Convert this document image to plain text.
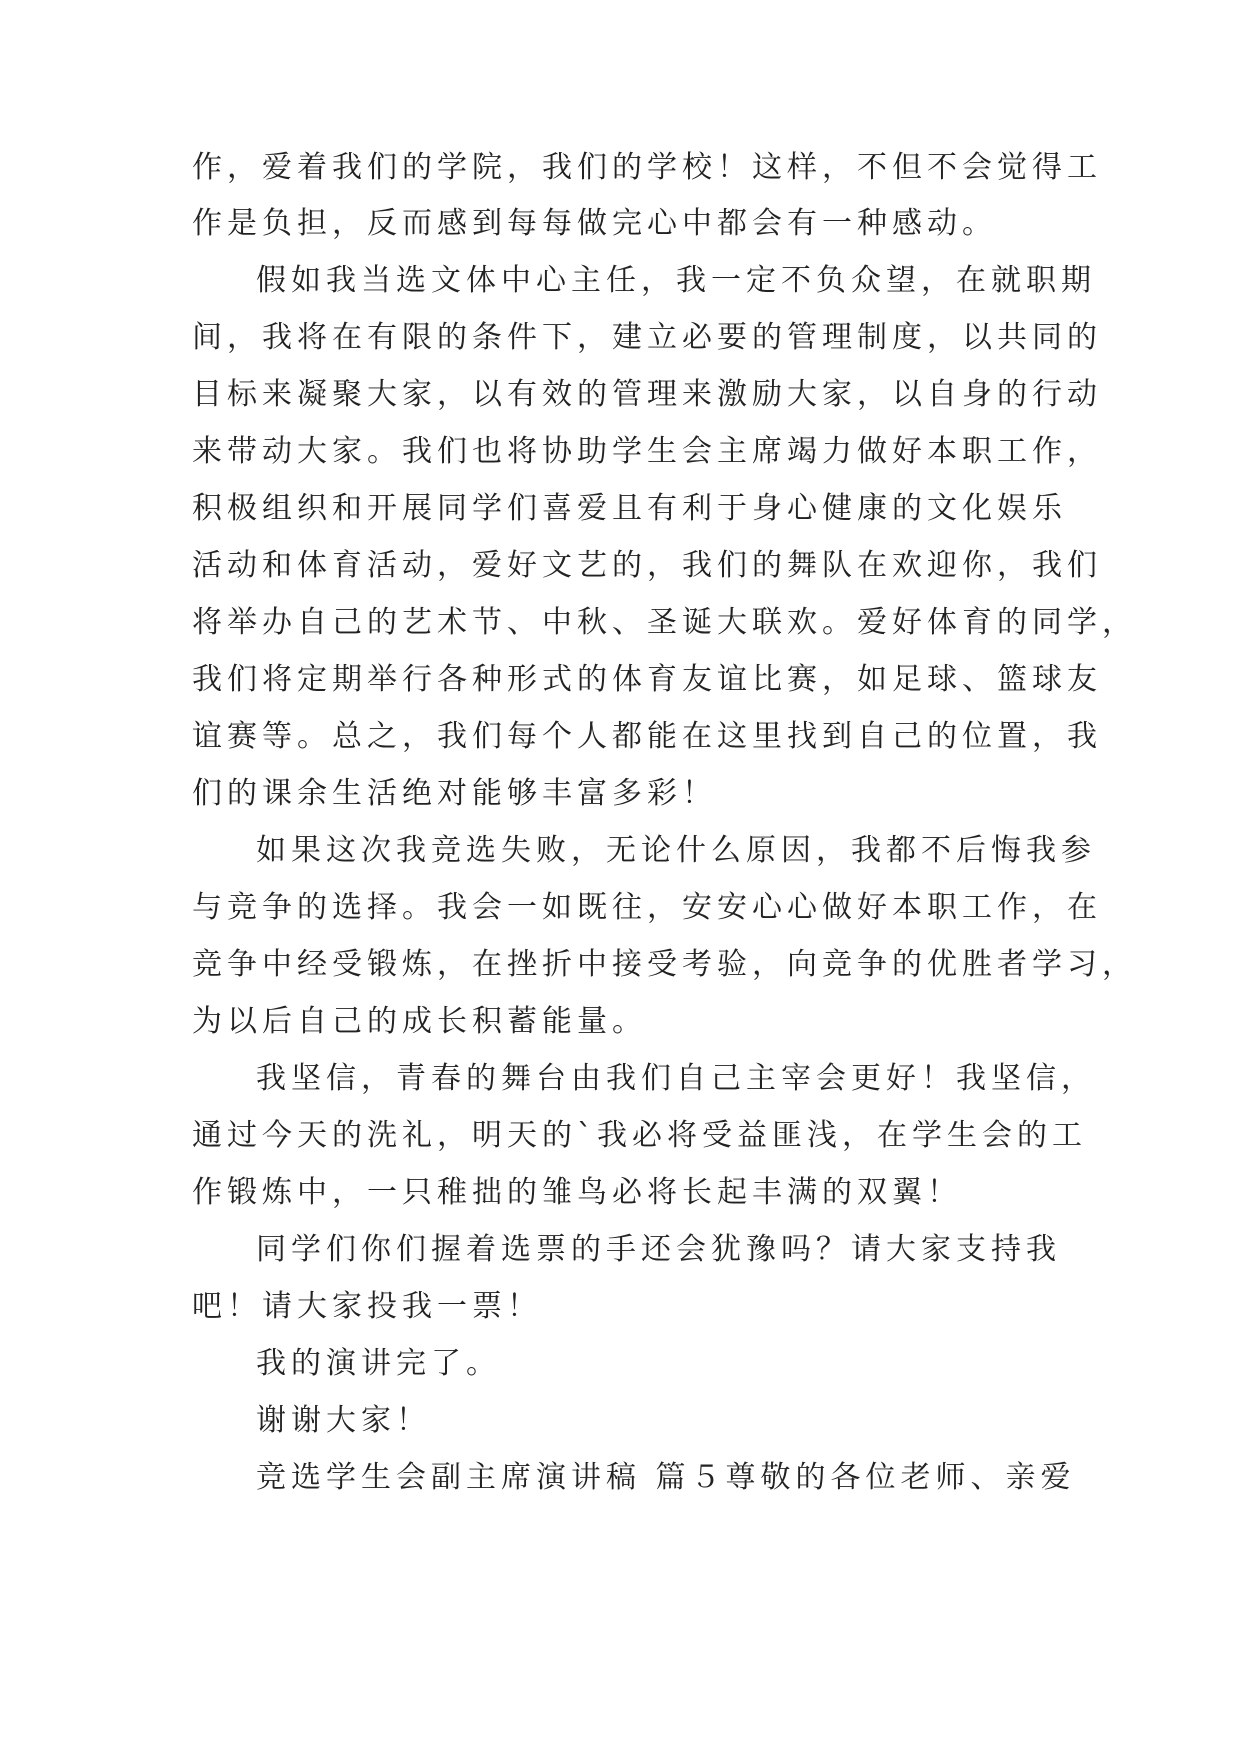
作，爱着我们的学院，我们的学校！这样，不但不会觉得工
作是负担，反而感到每每做完心中都会有一种感动。
假如我当选文体中心主任，我一定不负众望，在就职期
间，我将在有限的条件下，建立必要的管理制度，以共同的
目标来凝聚大家，以有效的管理来激励大家，以自身的行动
来带动大家。我们也将协助学生会主席竭力做好本职工作，
积极组织和开展同学们喜爱且有利于身心健康的文化娱乐
活动和体育活动，爱好文艺的，我们的舞队在欢迎你，我们
将举办自己的艺术节、中秋、圣诞大联欢。爱好体育的同学，
我们将定期举行各种形式的体育友谊比赛，如足球、篮球友
谊赛等。总之，我们每个人都能在这里找到自己的位置，我
们的课余生活绝对能够丰富多彩！
如果这次我竞选失败，无论什么原因，我都不后悔我参
与竞争的选择。我会一如既往，安安心心做好本职工作，在
竞争中经受锻炼，在挫折中接受考验，向竞争的优胜者学习，
为以后自己的成长积蓄能量。
我坚信，青春的舞台由我们自己主宰会更好！我坚信，
通过今天的洗礼，明天的`我必将受益匪浅，在学生会的工
作锻炼中，一只稚拙的雏鸟必将长起丰满的双翼！
同学们你们握着选票的手还会犹豫吗？请大家支持我
吧！请大家投我一票！
我的演讲完了。
谢谢大家！
竞选学生会副主席演讲稿 篇５尊敬的各位老师、亲爱
